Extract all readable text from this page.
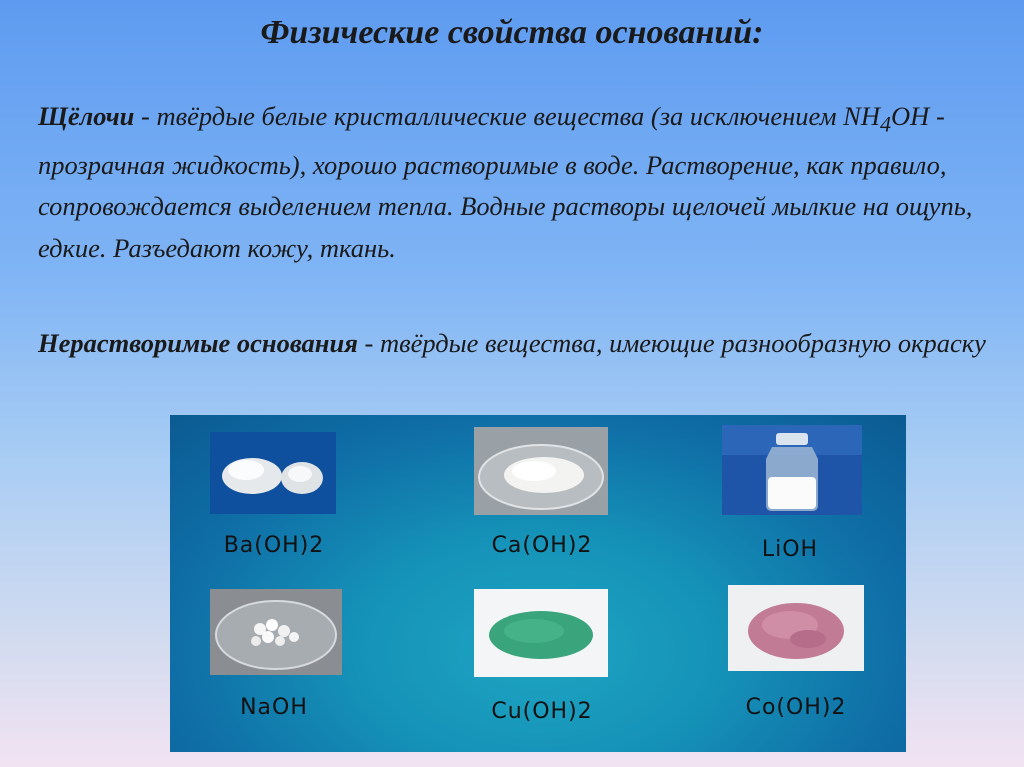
Физические свойства оснований:
Щёлочи - твёрдые белые кристаллические вещества (за исключением $NH_4OH$ - прозрачная жидкость), хорошо растворимые в воде. Растворение, как правило, сопровождается выделением тепла. Водные растворы щелочей мылкие на ощупь, едкие. Разъедают кожу, ткань.
Нерастворимые основания - твёрдые вещества, имеющие разнообразную окраску
Ba(OH)2	Ca(OH)2	LiOH
NaOH	Cu(OH)2	Co(OH)2
